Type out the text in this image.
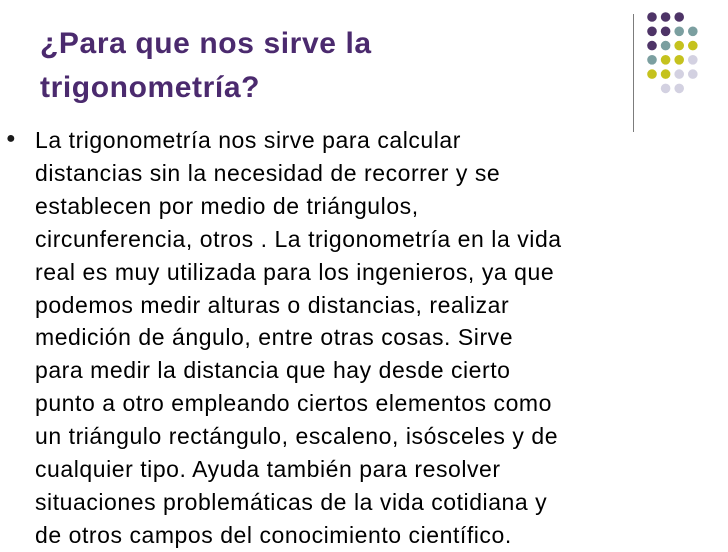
¿Para que nos sirve la
trigonometría?
● La trigonometría nos sirve para calcular
distancias sin la necesidad de recorrer y se
establecen por medio de triángulos,
circunferencia, otros . La trigonometría en la vida
real es muy utilizada para los ingenieros, ya que
podemos medir alturas o distancias, realizar
medición de ángulo, entre otras cosas. Sirve
para medir la distancia que hay desde cierto
punto a otro empleando ciertos elementos como
un triángulo rectángulo, escaleno, isósceles y de
cualquier tipo. Ayuda también para resolver
situaciones problemáticas de la vida cotidiana y
de otros campos del conocimiento científico.
